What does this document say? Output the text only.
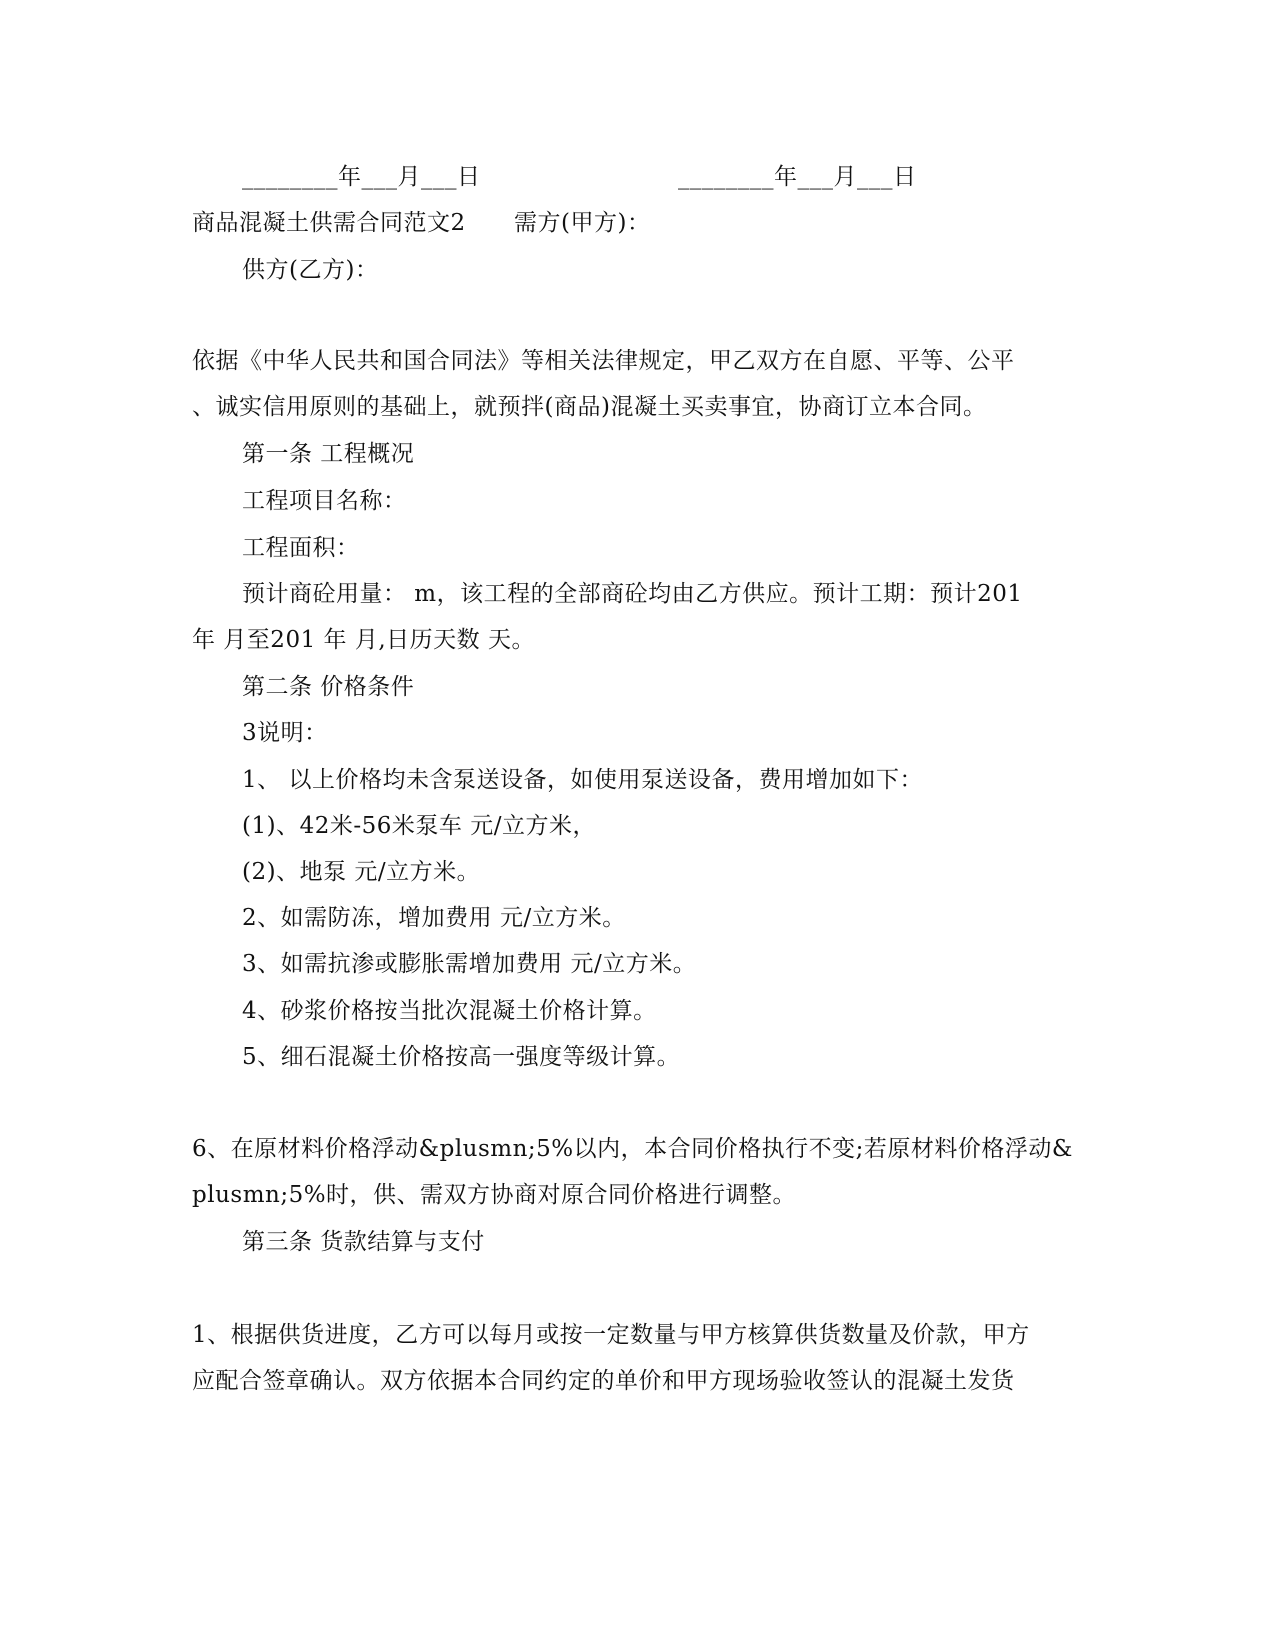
________年___月___日	________年___月___日
商品混凝土供需合同范文2 需方(甲方)：
供方(乙方)：
依据《中华人民共和国合同法》等相关法律规定，甲乙双方在自愿、平等、公平
、诚实信用原则的基础上，就预拌(商品)混凝土买卖事宜，协商订立本合同。
第一条 工程概况
工程项目名称：
工程面积：
预计商砼用量： m，该工程的全部商砼均由乙方供应。预计工期：预计201
年 月至201 年 月,日历天数 天。
第二条 价格条件
3说明：
1、 以上价格均未含泵送设备，如使用泵送设备，费用增加如下：
(1)、42米-56米泵车 元/立方米，
(2)、地泵 元/立方米。
2、如需防冻，增加费用 元/立方米。
3、如需抗渗或膨胀需增加费用 元/立方米。
4、砂浆价格按当批次混凝土价格计算。
5、细石混凝土价格按高一强度等级计算。
6、在原材料价格浮动&plusmn;5%以内，本合同价格执行不变;若原材料价格浮动&
plusmn;5%时，供、需双方协商对原合同价格进行调整。
第三条 货款结算与支付
1、根据供货进度，乙方可以每月或按一定数量与甲方核算供货数量及价款，甲方
应配合签章确认。双方依据本合同约定的单价和甲方现场验收签认的混凝土发货
